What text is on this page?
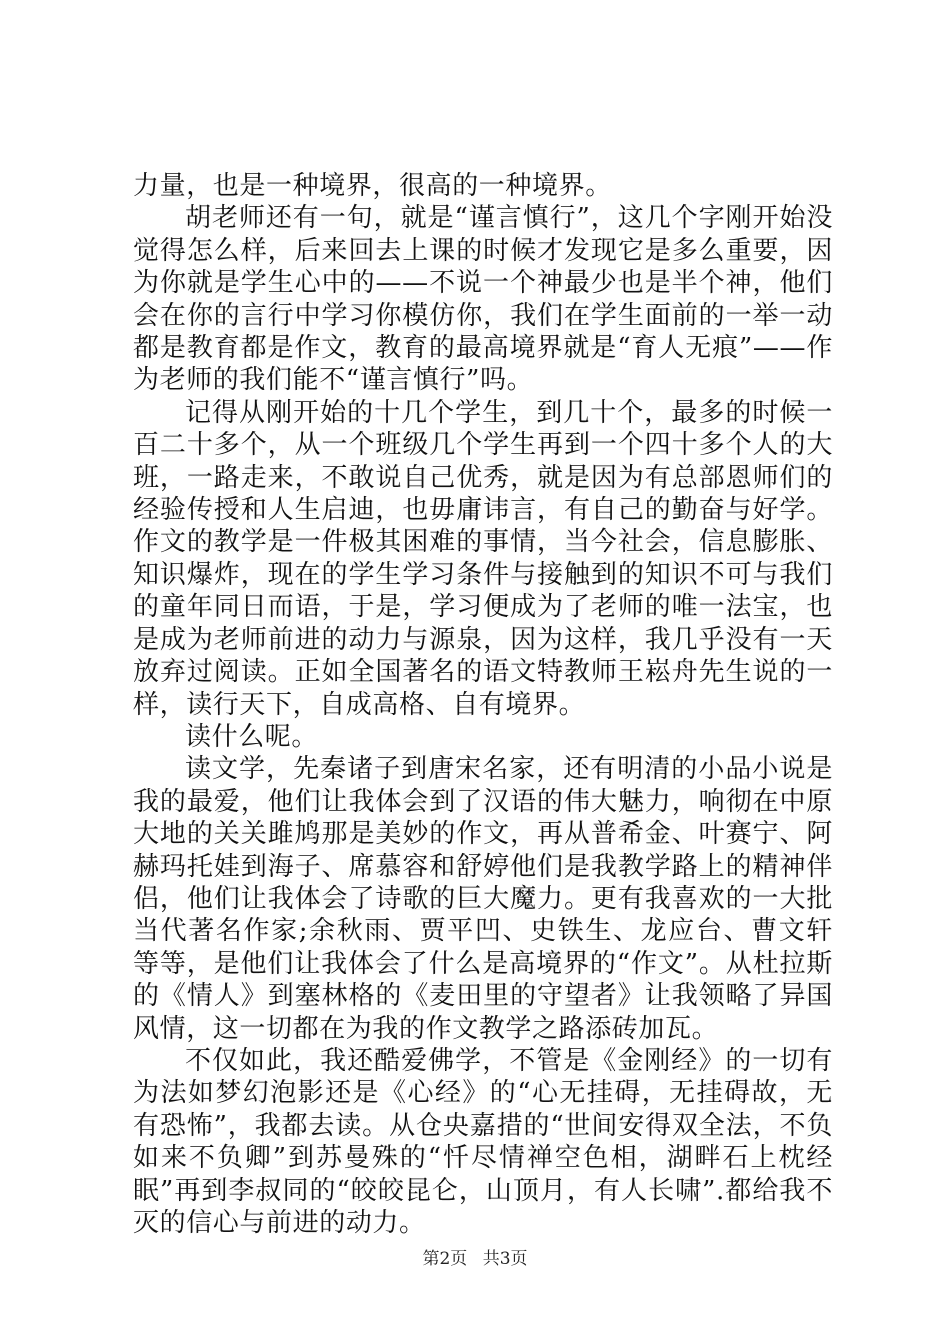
力量，也是一种境界，很高的一种境界。

胡老师还有一句，就是“谨言慎行”，这几个字刚开始没觉得怎么样，后来回去上课的时候才发现它是多么重要，因为你就是学生心中的——不说一个神最少也是半个神，他们会在你的言行中学习你模仿你，我们在学生面前的一举一动都是教育都是作文，教育的最高境界就是“育人无痕”——作为老师的我们能不“谨言慎行”吗。

记得从刚开始的十几个学生，到几十个，最多的时候一百二十多个，从一个班级几个学生再到一个四十多个人的大班，一路走来，不敢说自己优秀，就是因为有总部恩师们的经验传授和人生启迪，也毋庸讳言，有自己的勤奋与好学。作文的教学是一件极其困难的事情，当今社会，信息膨胀、知识爆炸，现在的学生学习条件与接触到的知识不可与我们的童年同日而语，于是，学习便成为了老师的唯一法宝，也是成为老师前进的动力与源泉，因为这样，我几乎没有一天放弃过阅读。正如全国著名的语文特教师王崧舟先生说的一样，读行天下，自成高格、自有境界。

读什么呢。

读文学，先秦诸子到唐宋名家，还有明清的小品小说是我的最爱，他们让我体会到了汉语的伟大魅力，响彻在中原大地的关关雎鸠那是美妙的作文，再从普希金、叶赛宁、阿赫玛托娃到海子、席慕容和舒婷他们是我教学路上的精神伴侣，他们让我体会了诗歌的巨大魔力。更有我喜欢的一大批当代著名作家;余秋雨、贾平凹、史铁生、龙应台、曹文轩等等，是他们让我体会了什么是高境界的“作文”。从杜拉斯的《情人》到塞林格的《麦田里的守望者》让我领略了异国风情，这一切都在为我的作文教学之路添砖加瓦。

不仅如此，我还酷爱佛学，不管是《金刚经》的一切有为法如梦幻泡影还是《心经》的“心无挂碍，无挂碍故，无有恐怖”，我都去读。从仓央嘉措的“世间安得双全法，不负如来不负卿”到苏曼殊的“忏尽情禅空色相，湖畔石上枕经眠”再到李叔同的“皎皎昆仑，山顶月，有人长啸”.都给我不灭的信心与前进的动力。

第2页 共3页
